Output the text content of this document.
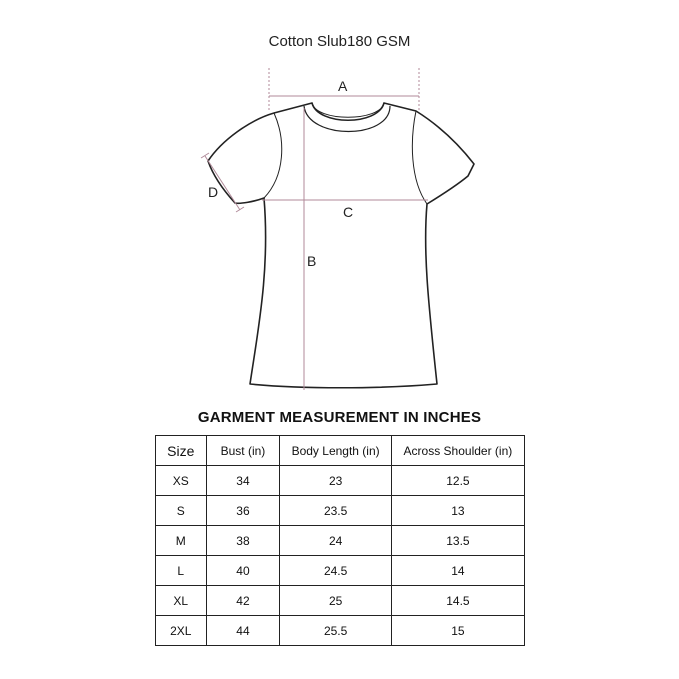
Cotton Slub180 GSM
A
B
C
D
GARMENT MEASUREMENT IN INCHES
Size	Bust (in)	Body Length (in)	Across Shoulder (in)
XS	34	23	12.5
S	36	23.5	13
M	38	24	13.5
L	40	24.5	14
XL	42	25	14.5
2XL	44	25.5	15
